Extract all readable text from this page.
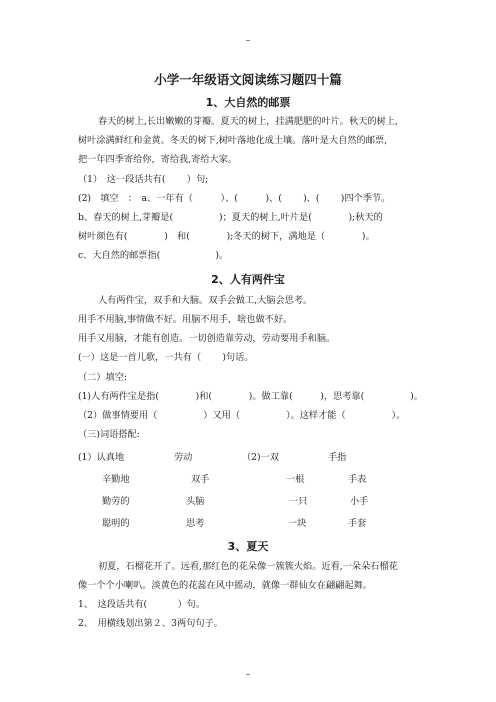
–
小学一年级语文阅读练习题四十篇
1、大自然的邮票
春天的树上,长出嫩嫩的芽瓣。夏天的树上，挂满肥肥的叶片。秋天的树上,
树叶涂满鲜红和金黄。冬天的树下,树叶落地化成土壤。落叶是大自然的邮票,
把一年四季寄给你，寄给我,寄给大家。
（1）　这一段话共有(　　 ）句;
(2)　填空　：　a、一年有（　　　）、(　　　)、(　　 )、(　　 )四个季节。
b、春天的树上,芽瓣是(　　　　　)；夏天的树上,叶片是(　　　　);秋天的
树叶颜色有(　　　　)　和(　　　　);冬天的树下，满地是（　　　　)。
c、大自然的邮票指(　　　　　　)。
2、人有两件宝
人有两件宝，双手和大脑。双手会做工,大脑会思考。
用手不用脑,事情做不好。用脑不用手，啥也做不好。
用手又用脑，才能有创造。一切创造靠劳动，劳动要用手和脑。
(一）这是一首儿歌，一共有（　　 )句话。
（二）填空:
(1)人有两件宝是指(　　　　)和(　　　　)。做工靠(　　　)，思考靠(　　　　　)。
（2）做事情要用（　　　　　）又用（　　　　　）。这样才能（　　　　　）。
（三)词语搭配:
(1）认真地	劳动	（2)一双	手指
辛勤地	双手	一根	手表
勤劳的	头脑	一只	小手
聪明的	思考	一块	手套
3、夏天
初夏，石榴花开了。远看,那红色的花朵像一簇簇火焰。近看,一朵朵石榴花
像一个个小喇叭。淡黄色的花蕊在风中摇动，就像一群仙女在翩翩起舞。
1、　这段话共有(　　　 ）句。
2、　用横线划出第２、3两句句子。
–
